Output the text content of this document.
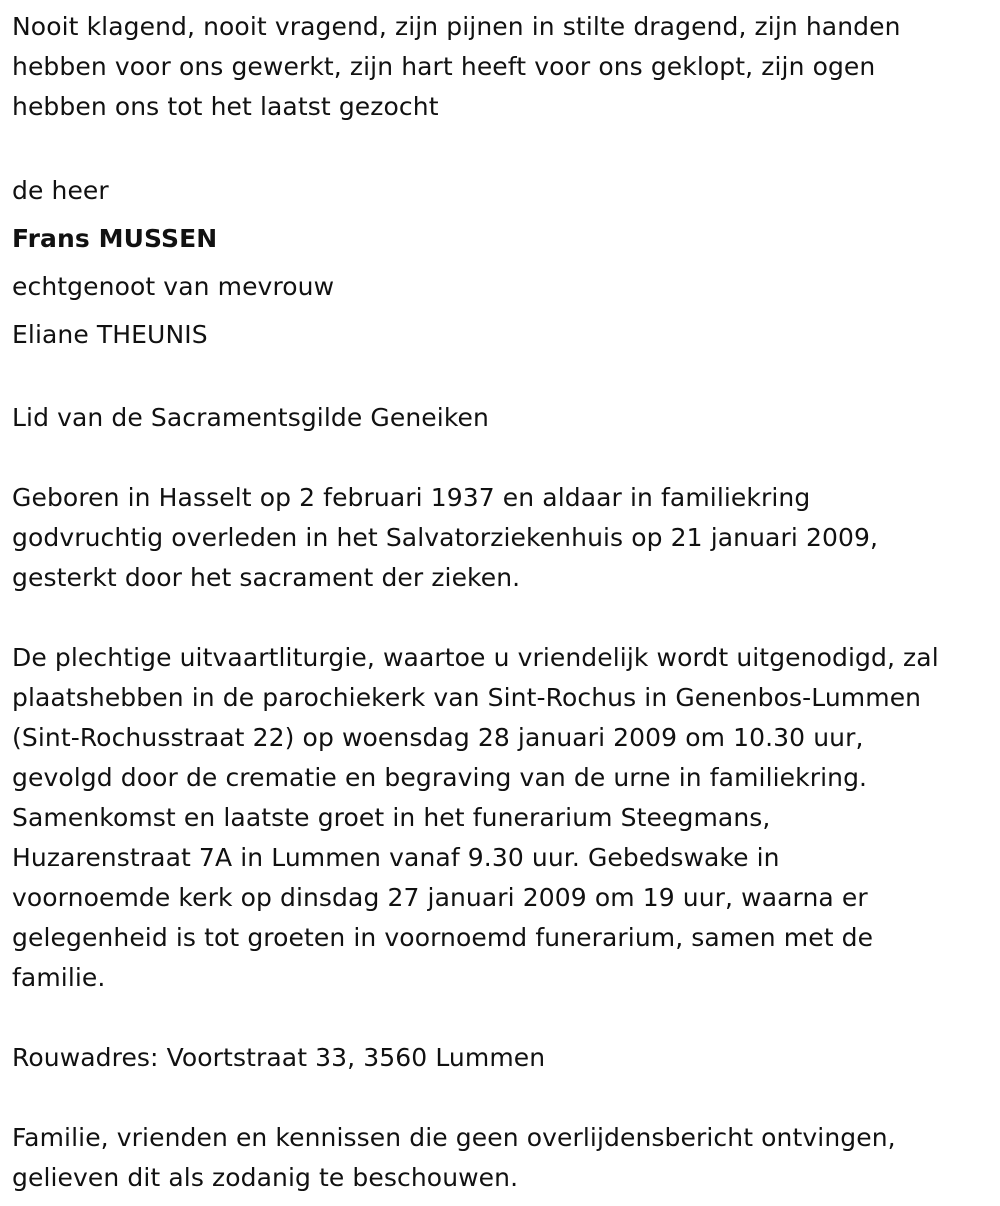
Nooit klagend, nooit vragend, zijn pijnen in stilte dragend, zijn handen

hebben voor ons gewerkt, zijn hart heeft voor ons geklopt, zijn ogen

hebben ons tot het laatst gezocht

de heer

Frans MUSSEN

echtgenoot van mevrouw

Eliane THEUNIS

Lid van de Sacramentsgilde Geneiken

Geboren in Hasselt op 2 februari 1937 en aldaar in familiekring

godvruchtig overleden in het Salvatorziekenhuis op 21 januari 2009,

gesterkt door het sacrament der zieken.

De plechtige uitvaartliturgie, waartoe u vriendelijk wordt uitgenodigd, zal

plaatshebben in de parochiekerk van Sint-Rochus in Genenbos-Lummen

(Sint-Rochusstraat 22) op woensdag 28 januari 2009 om 10.30 uur,

gevolgd door de crematie en begraving van de urne in familiekring.

Samenkomst en laatste groet in het funerarium Steegmans,

Huzarenstraat 7A in Lummen vanaf 9.30 uur. Gebedswake in

voornoemde kerk op dinsdag 27 januari 2009 om 19 uur, waarna er

gelegenheid is tot groeten in voornoemd funerarium, samen met de

familie.

Rouwadres: Voortstraat 33, 3560 Lummen

Familie, vrienden en kennissen die geen overlijdensbericht ontvingen,

gelieven dit als zodanig te beschouwen.
